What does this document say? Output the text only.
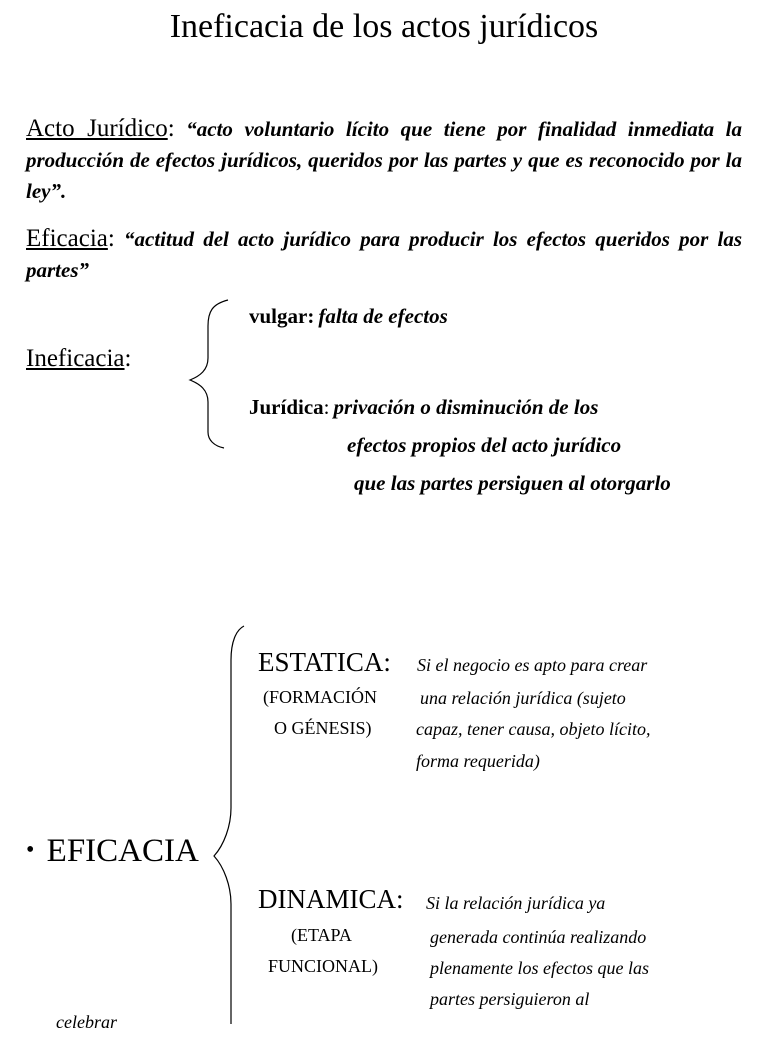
Ineficacia de los actos jurídicos
Acto Jurídico: “acto voluntario lícito que tiene por finalidad inmediata la producción de efectos jurídicos, queridos por las partes y que es reconocido por la ley”.
Eficacia: “actitud del acto jurídico para producir los efectos queridos por las partes”
Ineficacia:
vulgar: falta de efectos
Jurídica: privación o disminución de los
efectos propios del acto jurídico
que las partes persiguen al otorgarlo
• EFICACIA
ESTATICA:
(FORMACIÓN
O GÉNESIS)
Si el negocio es apto para crear
una relación jurídica (sujeto
capaz, tener causa, objeto lícito,
forma requerida)
DINAMICA:
(ETAPA
FUNCIONAL)
Si la relación jurídica ya
generada continúa realizando
plenamente los efectos que las
partes persiguieron al
celebrar
